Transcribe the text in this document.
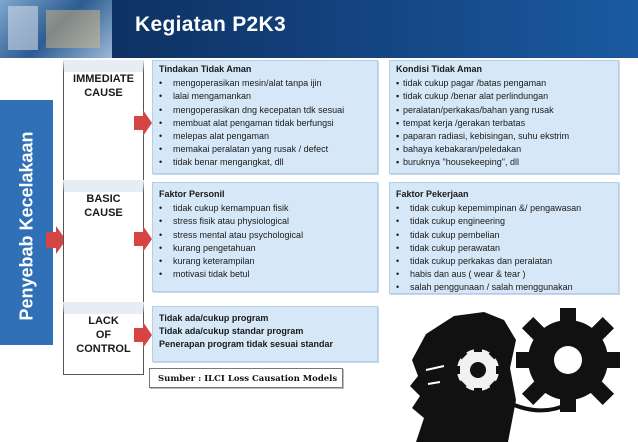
Kegiatan P2K3
Penyebab Kecelakaan
IMMEDIATE
CAUSE
BASIC
CAUSE
LACK
OF
CONTROL
Tindakan Tidak Aman
• mengoperasikan mesin/alat tanpa ijin
• lalai mengamankan
• mengoperasikan dng kecepatan tdk sesuai
• membuat alat pengaman tidak berfungsi
• melepas alat pengaman
• memakai peralatan yang rusak / defect
• tidak benar mengangkat, dll
Kondisi Tidak Aman
▪ tidak cukup pagar /batas pengaman
▪ tidak cukup /benar alat perlindungan
▪ peralatan/perkakas/bahan yang rusak
▪ tempat kerja /gerakan terbatas
▪ paparan radiasi, kebisingan, suhu ekstrim
▪ bahaya kebakaran/peledakan
▪ buruknya "housekeeping", dll
Faktor Personil
• tidak cukup kemampuan fisik
• stress fisik atau physiological
• stress mental atau psychological
• kurang pengetahuan
• kurang keterampilan
• motivasi tidak betul
Faktor Pekerjaan
• tidak cukup kepemimpinan &/ pengawasan
• tidak cukup engineering
• tidak cukup pembelian
• tidak cukup perawatan
• tidak cukup perkakas dan peralatan
• habis dan aus ( wear & tear )
• salah penggunaan / salah menggunakan
Tidak ada/cukup program
Tidak ada/cukup standar program
Penerapan program tidak sesuai standar
Sumber : ILCI Loss Causation Models
